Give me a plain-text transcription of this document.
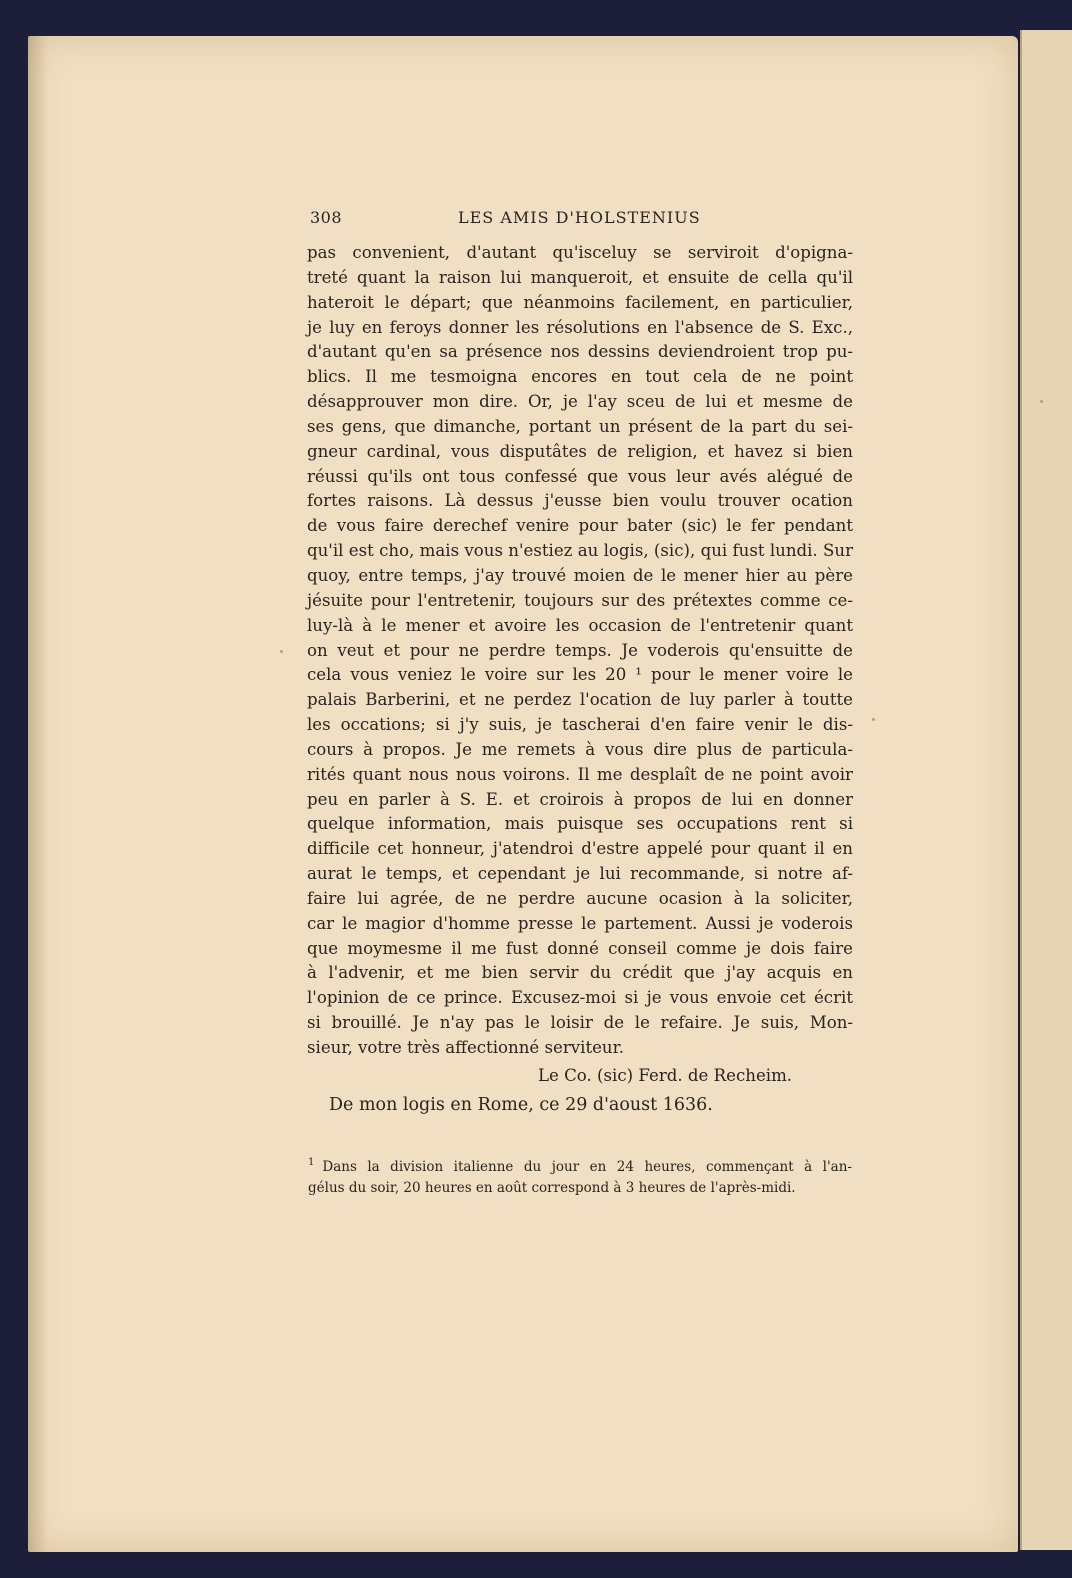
308	LES AMIS D'HOLSTENIUS
pas convenient, d'autant qu'isceluy se serviroit d'opigna-
treté quant la raison lui manqueroit, et ensuite de cella qu'il
hateroit le départ; que néanmoins facilement, en particulier,
je luy en feroys donner les résolutions en l'absence de S. Exc.,
d'autant qu'en sa présence nos dessins deviendroient trop pu-
blics. Il me tesmoigna encores en tout cela de ne point
désapprouver mon dire. Or, je l'ay sceu de lui et mesme de
ses gens, que dimanche, portant un présent de la part du sei-
gneur cardinal, vous disputâtes de religion, et havez si bien
réussi qu'ils ont tous confessé que vous leur avés alégué de
fortes raisons. Là dessus j'eusse bien voulu trouver ocation
de vous faire derechef venire pour bater (sic) le fer pendant
qu'il est cho, mais vous n'estiez au logis, (sic), qui fust lundi. Sur
quoy, entre temps, j'ay trouvé moien de le mener hier au père
jésuite pour l'entretenir, toujours sur des prétextes comme ce-
luy-là à le mener et avoire les occasion de l'entretenir quant
on veut et pour ne perdre temps. Je voderois qu'ensuitte de
cela vous veniez le voire sur les 20 ¹ pour le mener voire le
palais Barberini, et ne perdez l'ocation de luy parler à toutte
les occations; si j'y suis, je tascherai d'en faire venir le dis-
cours à propos. Je me remets à vous dire plus de particula-
rités quant nous nous voirons. Il me desplaît de ne point avoir
peu en parler à S. E. et croirois à propos de lui en donner
quelque information, mais puisque ses occupations rent si
difficile cet honneur, j'atendroi d'estre appelé pour quant il en
aurat le temps, et cependant je lui recommande, si notre af-
faire lui agrée, de ne perdre aucune ocasion à la soliciter,
car le magior d'homme presse le partement. Aussi je voderois
que moymesme il me fust donné conseil comme je dois faire
à l'advenir, et me bien servir du crédit que j'ay acquis en
l'opinion de ce prince. Excusez-moi si je vous envoie cet écrit
si brouillé. Je n'ay pas le loisir de le refaire. Je suis, Mon-
sieur, votre très affectionné serviteur.
Le Co. (sic) Ferd. de Recheim.
De mon logis en Rome, ce 29 d'aoust 1636.
$^1$ Dans la division italienne du jour en 24 heures, commençant à l'an-
gélus du soir, 20 heures en août correspond à 3 heures de l'après-midi.
